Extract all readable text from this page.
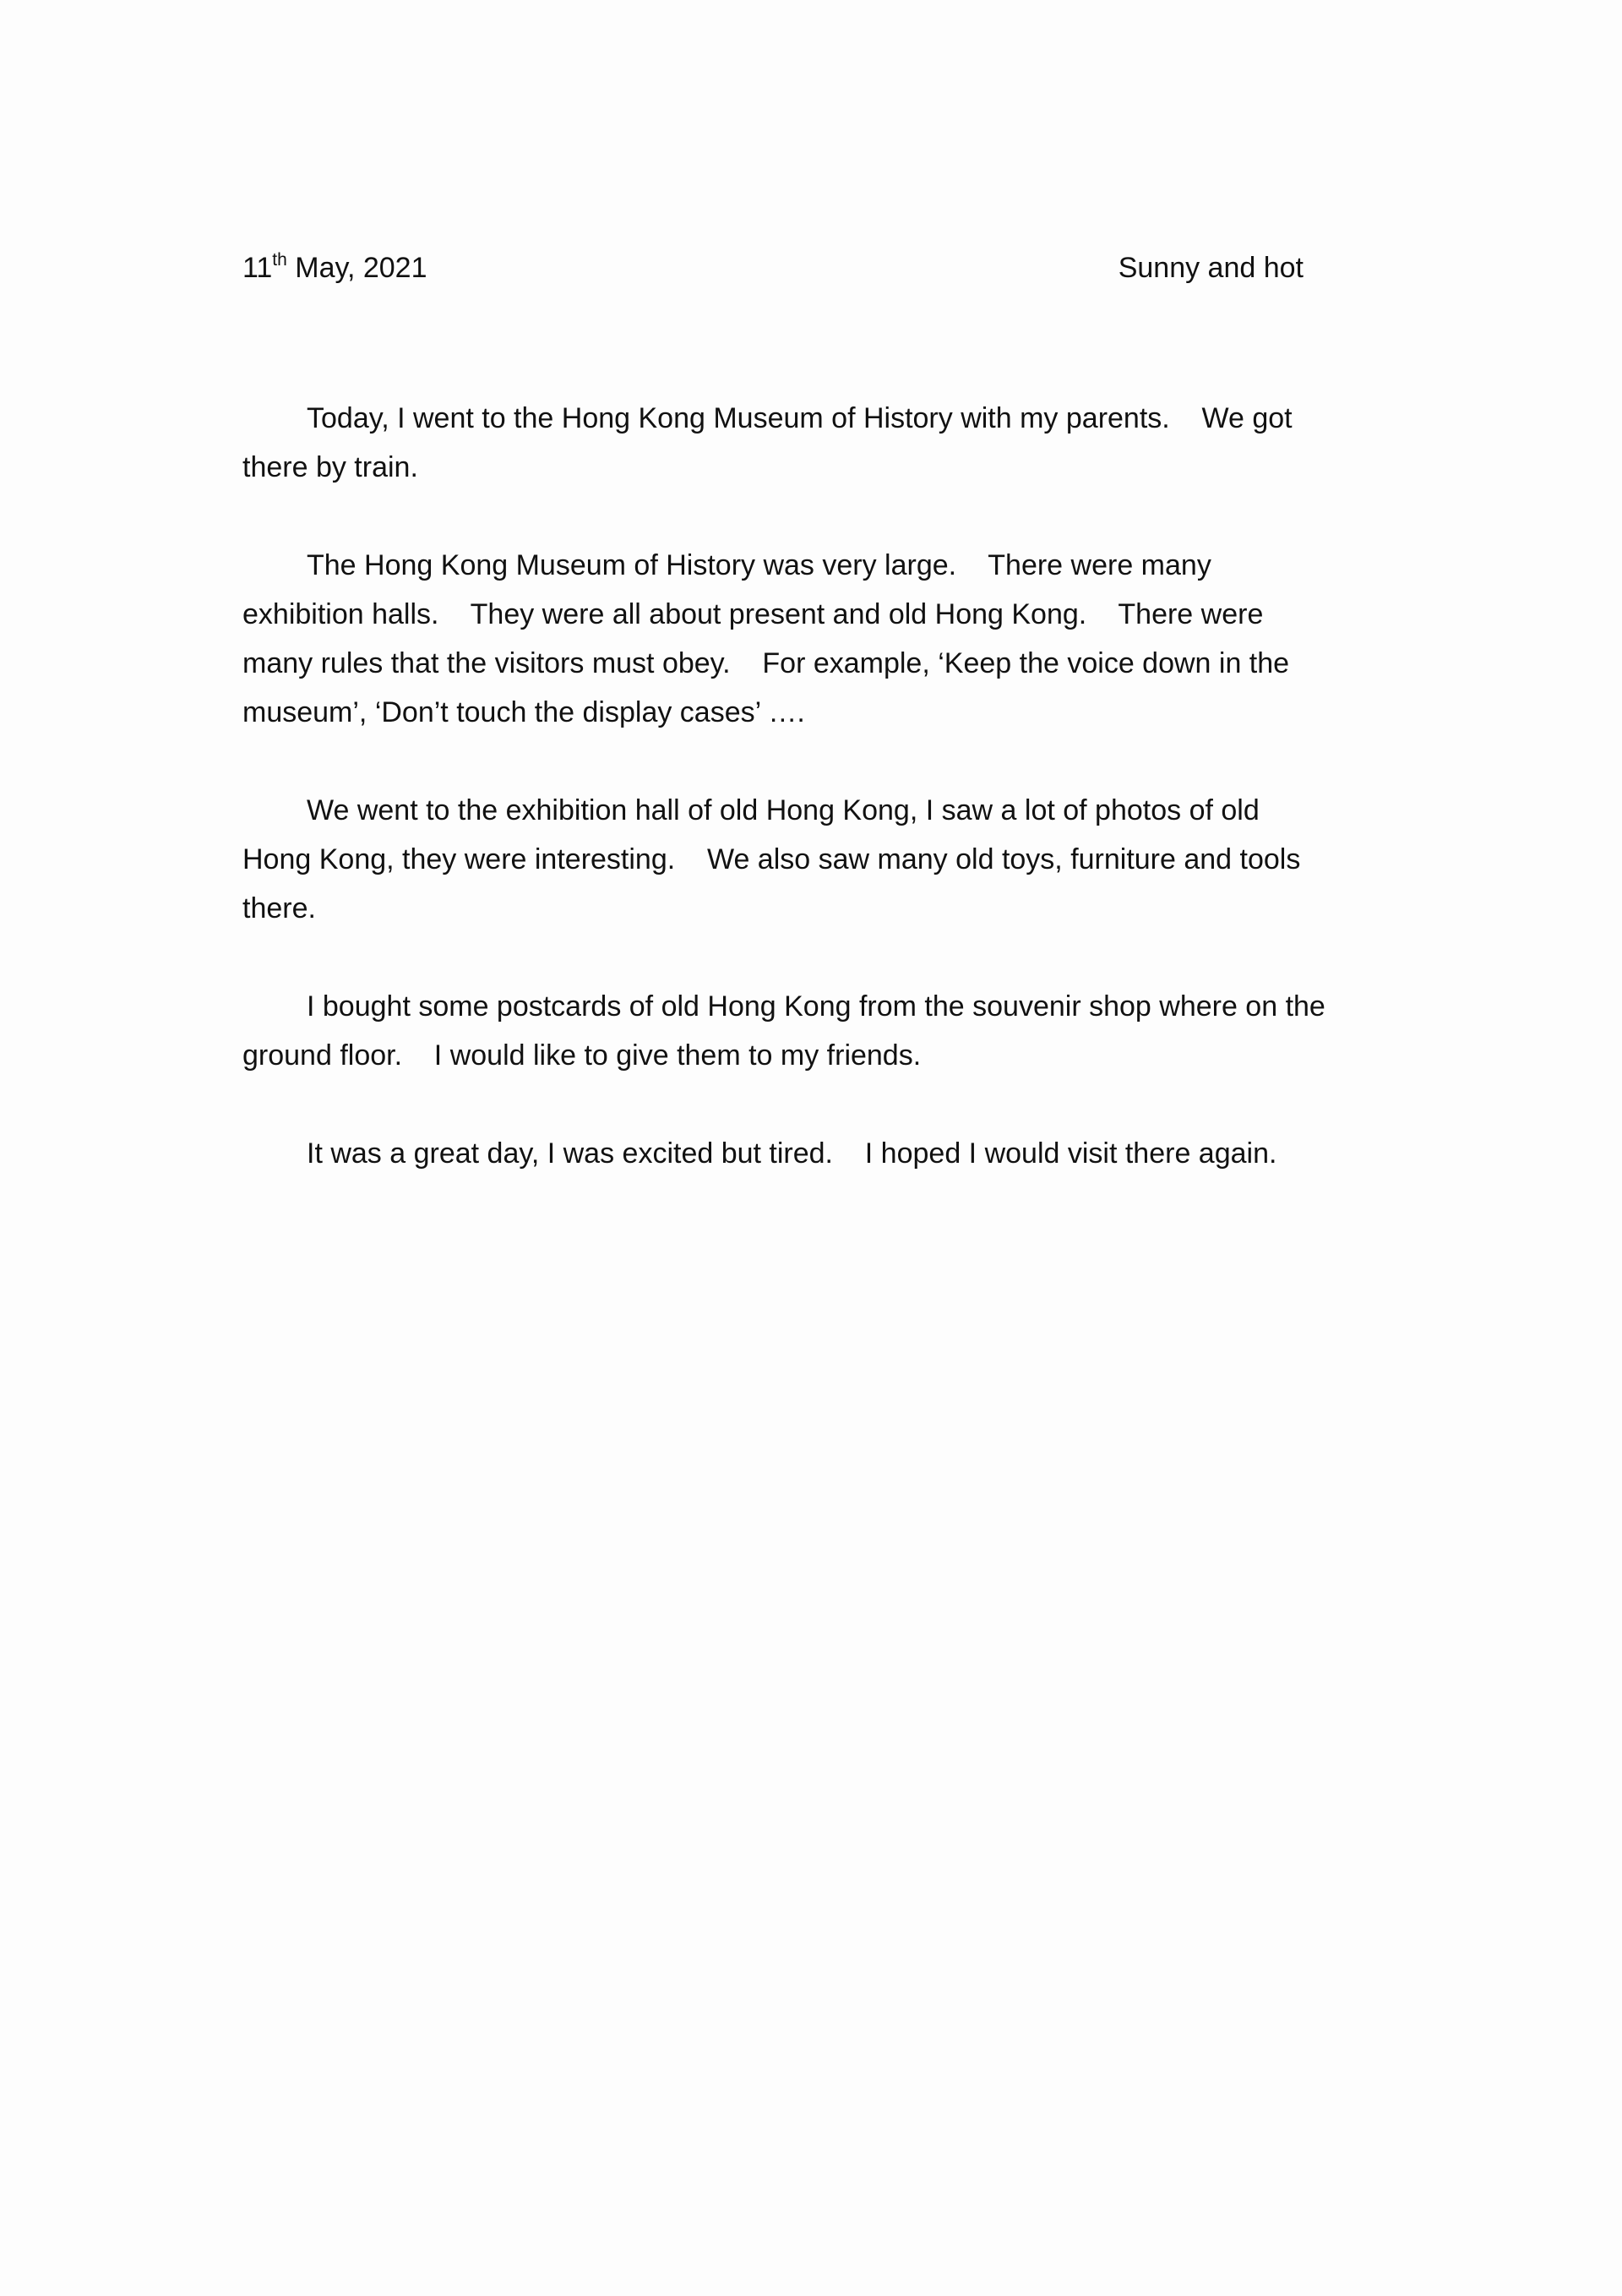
11th May, 2021	Sunny and hot

Today, I went to the Hong Kong Museum of History with my parents.    We got
there by train.

The Hong Kong Museum of History was very large.    There were many
exhibition halls.    They were all about present and old Hong Kong.    There were
many rules that the visitors must obey.    For example, ‘Keep the voice down in the
museum’, ‘Don’t touch the display cases’ ….

We went to the exhibition hall of old Hong Kong, I saw a lot of photos of old
Hong Kong, they were interesting.    We also saw many old toys, furniture and tools
there.

I bought some postcards of old Hong Kong from the souvenir shop where on the
ground floor.    I would like to give them to my friends.

It was a great day, I was excited but tired.    I hoped I would visit there again.
